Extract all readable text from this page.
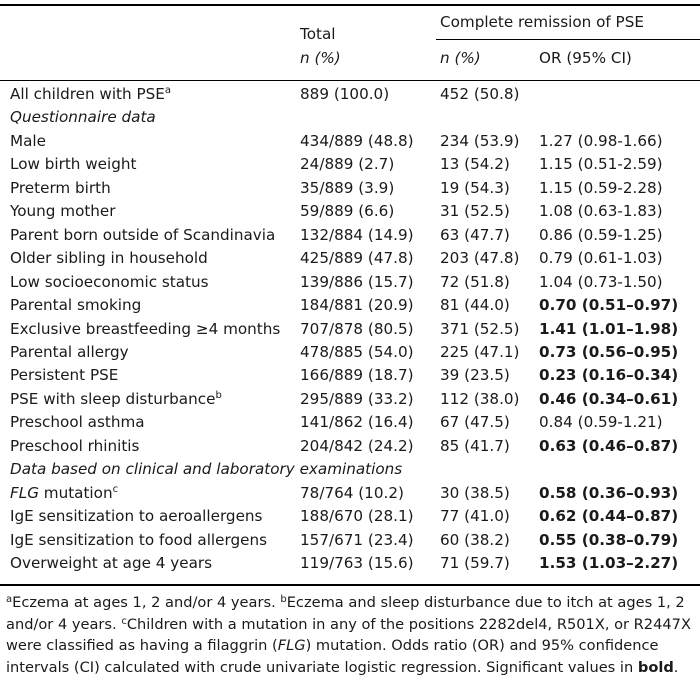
Total
n (%)
Complete remission of PSE
n (%)	OR (95% CI)
All children with PSE$^a$	889 (100.0)	452 (50.8)
Questionnaire data
Male	434/889 (48.8) 234 (53.9) 1.27 (0.98-1.66)
Low birth weight	24/889 (2.7)	13 (54.2) 1.15 (0.51-2.59)
Preterm birth	35/889 (3.9)	19 (54.3) 1.15 (0.59-2.28)
Young mother	59/889 (6.6)	31 (52.5) 1.08 (0.63-1.83)
Parent born outside of Scandinavia 132/884 (14.9) 63 (47.7) 0.86 (0.59-1.25)
Older sibling in household	425/889 (47.8) 203 (47.8) 0.79 (0.61-1.03)
Low socioeconomic status	139/886 (15.7) 72 (51.8) 1.04 (0.73-1.50)
Parental smoking	184/881 (20.9) 81 (44.0) 0.70 (0.51–0.97)
Exclusive breastfeeding ≥4 months 707/878 (80.5) 371 (52.5) 1.41 (1.01–1.98)
Parental allergy	478/885 (54.0) 225 (47.1) 0.73 (0.56–0.95)
Persistent PSE	166/889 (18.7) 39 (23.5) 0.23 (0.16–0.34)
PSE with sleep disturbance$^b$	295/889 (33.2) 112 (38.0) 0.46 (0.34–0.61)
Preschool asthma	141/862 (16.4) 67 (47.5) 0.84 (0.59-1.21)
Preschool rhinitis	204/842 (24.2) 85 (41.7) 0.63 (0.46–0.87)
Data based on clinical and laboratory examinations
FLG mutation$^c$	78/764 (10.2) 30 (38.5) 0.58 (0.36–0.93)
IgE sensitization to aeroallergens 188/670 (28.1) 77 (41.0) 0.62 (0.44–0.87)
IgE sensitization to food allergens 157/671 (23.4) 60 (38.2) 0.55 (0.38–0.79)
Overweight at age 4 years	119/763 (15.6) 71 (59.7) 1.53 (1.03–2.27)
$^a$Eczema at ages 1, 2 and/or 4 years. $^b$Eczema and sleep disturbance due to itch at ages 1, 2 and/or 4 years. $^c$Children with a mutation in any of the positions 2282del4, R501X, or R2447X were classified as having a filaggrin (FLG) mutation. Odds ratio (OR) and 95% confidence intervals (CI) calculated with crude univariate logistic regression. Significant values in bold.
